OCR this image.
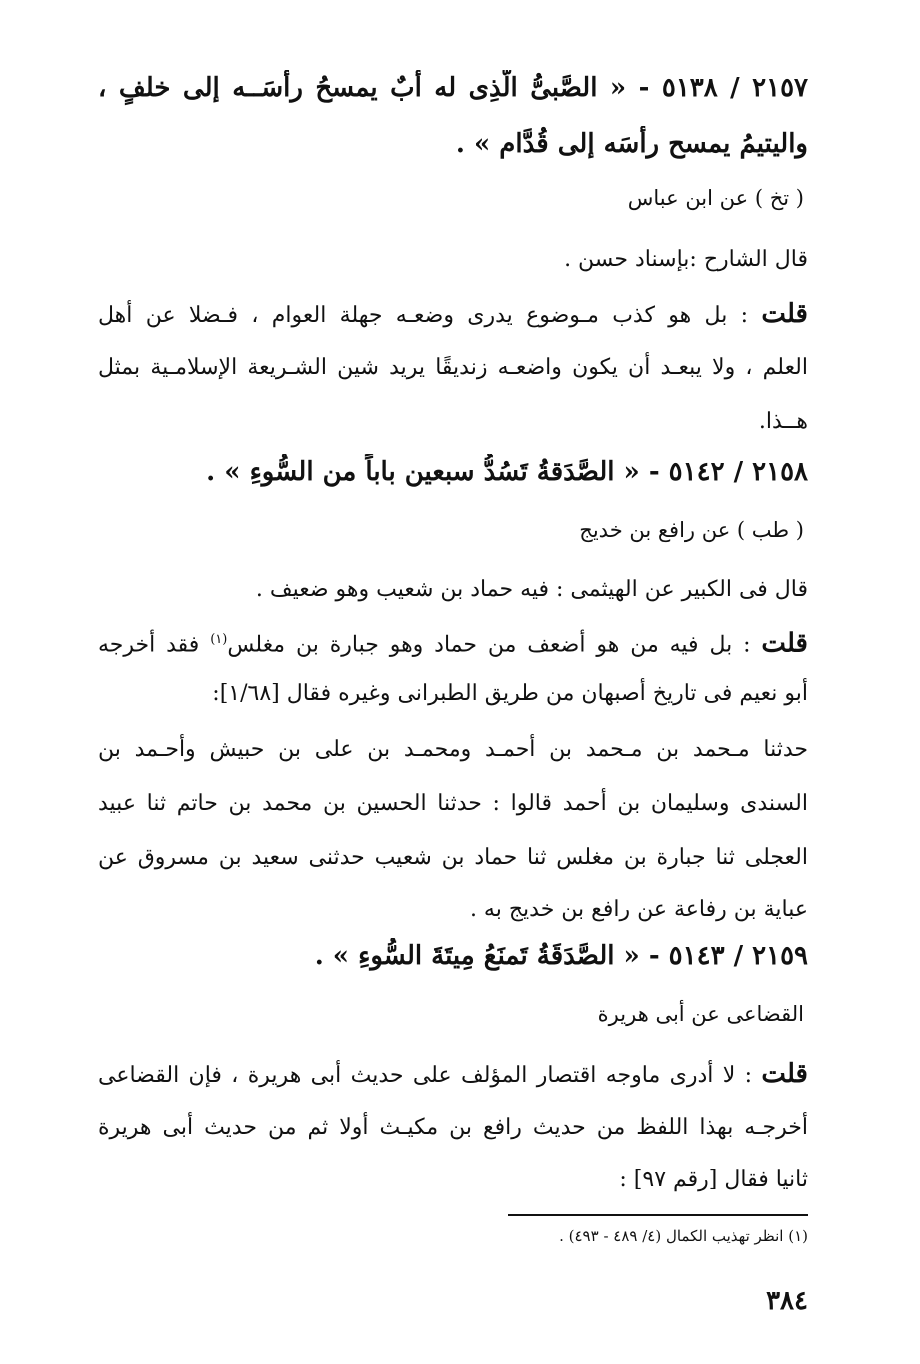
٢١٥٧ / ٥١٣٨ - « الصَّبىُّ الَّذِى له أبٌ يمسحُ رأسَــه إلى خلفٍ ،
واليتيمُ يمسح رأسَه إلى قُدَّام » .
( تخ ) عن ابن عباس
قال الشارح :بإسناد حسن .
قلت : بل هو كذب مـوضوع يدرى وضعـه جهلة العوام ، فـضلا عن أهل
العلم ، ولا يبعـد أن يكون واضعـه زنديقًا يريد شين الشـريعة الإسلامـية بمثل
هــذا.
٢١٥٨ / ٥١٤٢ - « الصَّدَقةُ تَسُدُّ سبعين باباً من السُّوءِ » .
( طب ) عن رافع بن خديج
قال فى الكبير عن الهيثمى : فيه حماد بن شعيب وهو ضعيف .
قلت : بل فيه من هو أضعف من حماد وهو جبارة بن مغلس$^{(١)}$ فقد أخرجه
أبو نعيم فى تاريخ أصبهان من طريق الطبرانى وغيره فقال [١/٦٨]:
حدثنا مـحمد بن مـحمد بن أحمـد ومحمـد بن على بن حبيش وأحـمد بن
السندى وسليمان بن أحمد قالوا : حدثنا الحسين بن محمد بن حاتم ثنا عبيد
العجلى ثنا جبارة بن مغلس ثنا حماد بن شعيب حدثنى سعيد بن مسروق عن
عباية بن رفاعة عن رافع بن خديج به .
٢١٥٩ / ٥١٤٣ - « الصَّدَقَةُ تَمنَعُ مِيتَةَ السُّوءِ » .
القضاعى عن أبى هريرة
قلت : لا أدرى ماوجه اقتصار المؤلف على حديث أبى هريرة ، فإن القضاعى
أخرجـه بهذا اللفظ من حديث رافع بن مكيـث أولا ثم من حديث أبى هريرة
ثانيا فقال [رقم ٩٧] :
(١) انظر تهذيب الكمال (٤/ ٤٨٩ - ٤٩٣) .
٣٨٤
